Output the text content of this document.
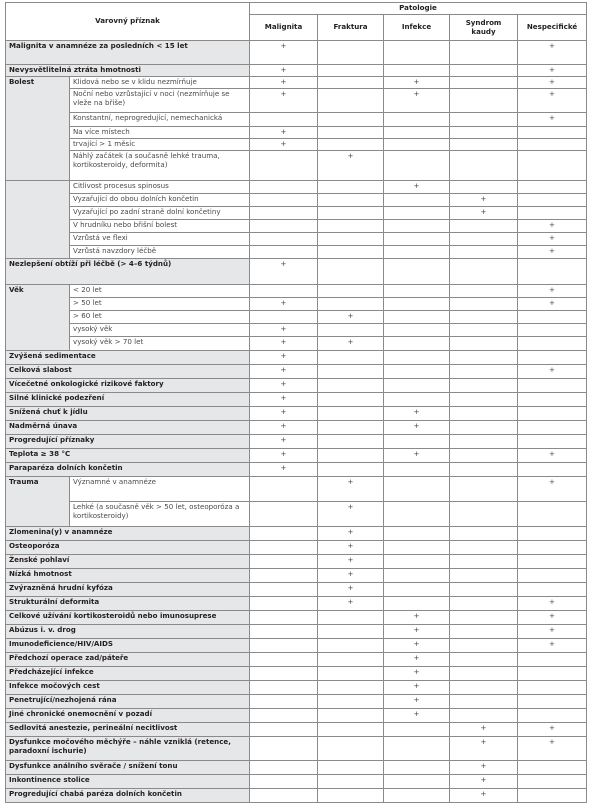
Varovný příznak		Patologie				
		Malignita	Fraktura	Infekce	Syndrom kaudy	Nespecifické
Malignita v anamnéze za posledních < 15 let		+				+
Nevysvětlitelná ztráta hmotnosti		+				+
Bolest	Klidová nebo se v klidu nezmírňuje	+		+		+
	Noční nebo vzrůstající v noci (nezmírňuje se vleže na břiše)	+		+		+
	Konstantní, neprogredující, nemechanická					+
	Na více místech	+				
	trvající > 1 měsíc	+				
	Náhlý začátek (a současně lehké trauma, kortikosteroidy, deformita)		+			
	Citlivost procesus spinosus			+		
	Vyzařující do obou dolních končetin				+	
	Vyzařující po zadní straně dolní končetiny				+	
	V hrudníku nebo břišní bolest					+
	Vzrůstá ve flexi					+
	Vzrůstá navzdory léčbě					+
Nezlepšení obtíží při léčbě (> 4–6 týdnů)		+				
Věk	< 20 let					+
	> 50 let	+				+
	> 60 let		+			
	vysoký věk	+				
	vysoký věk > 70 let	+	+			
Zvýšená sedimentace		+				
Celková slabost		+				+
Vícečetné onkologické rizikové faktory		+				
Silné klinické podezření		+				
Snížená chuť k jídlu		+		+		
Nadměrná únava		+		+		
Progredující příznaky		+				
Teplota ≥ 38 °C		+		+		+
Paraparéza dolních končetin		+				
Trauma	Významné v anamnéze		+			+
	Lehké (a současně věk > 50 let, osteoporóza a kortikosteroidy)		+			
Zlomenina(y) v anamnéze			+			
Osteoporóza			+			
Ženské pohlaví			+			
Nízká hmotnost			+			
Zvýrazněná hrudní kyfóza			+			
Strukturální deformita			+			+
Celkové užívání kortikosteroidů nebo imunosuprese				+		+
Abúzus i. v. drog				+		+
Imunodeficience/HIV/AIDS				+		+
Předchozí operace zad/páteře				+		
Předcházející infekce				+		
Infekce močových cest				+		
Penetrující/nezhojená rána				+		
Jiné chronické onemocnění v pozadí				+		
Sedlovitá anestezie, perineální necitlivost					+	+
Dysfunkce močového měchýře – náhle vzniklá (retence, paradoxní ischurie)					+	+
Dysfunkce análního svěrače / snížení tonu					+	
Inkontinence stolice					+	
Progredující chabá paréza dolních končetin					+	
